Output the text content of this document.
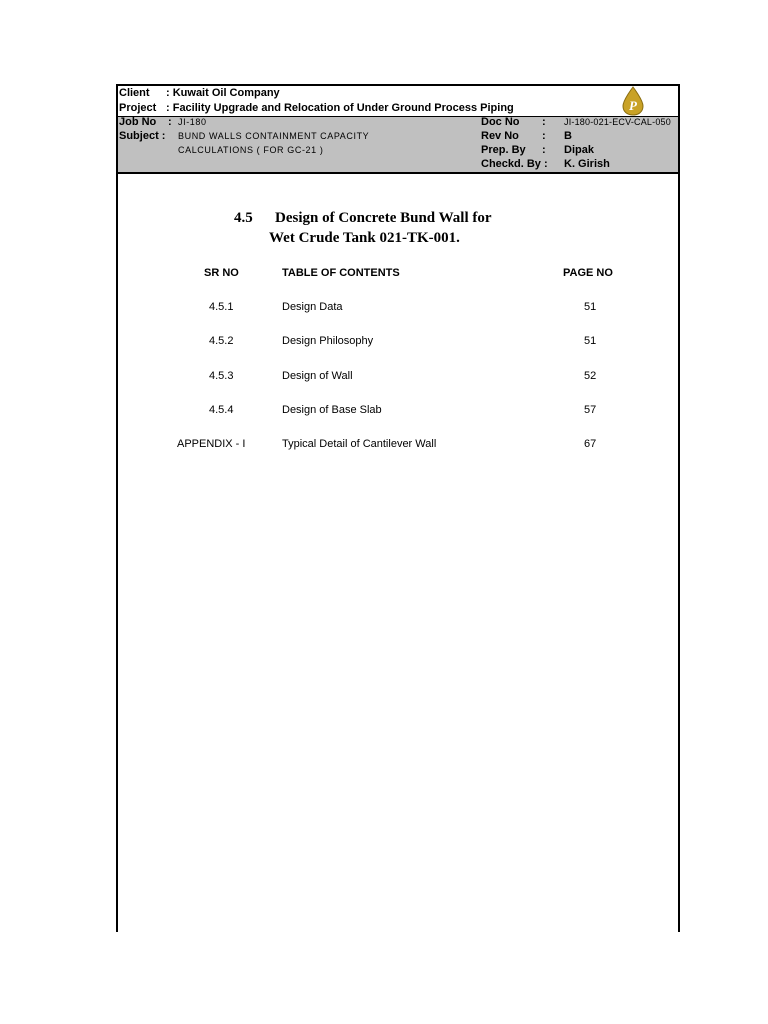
Client : Kuwait Oil Company
Project : Facility Upgrade and Relocation of Under Ground Process Piping	P
Job No : JI-180
Subject : BUND WALLS CONTAINMENT CAPACITY
CALCULATIONS ( FOR GC-21 )
Doc No : JI-180-021-ECV-CAL-050
Rev No : B
Prep. By : Dipak
Checkd. By : K. Girish
4.5 Design of Concrete Bund Wall for
Wet Crude Tank 021-TK-001.
SR NO	TABLE OF CONTENTS	PAGE NO
4.5.1	Design Data	51
4.5.2	Design Philosophy	51
4.5.3	Design of Wall	52
4.5.4	Design of Base Slab	57
APPENDIX - I	Typical Detail of Cantilever Wall	67
